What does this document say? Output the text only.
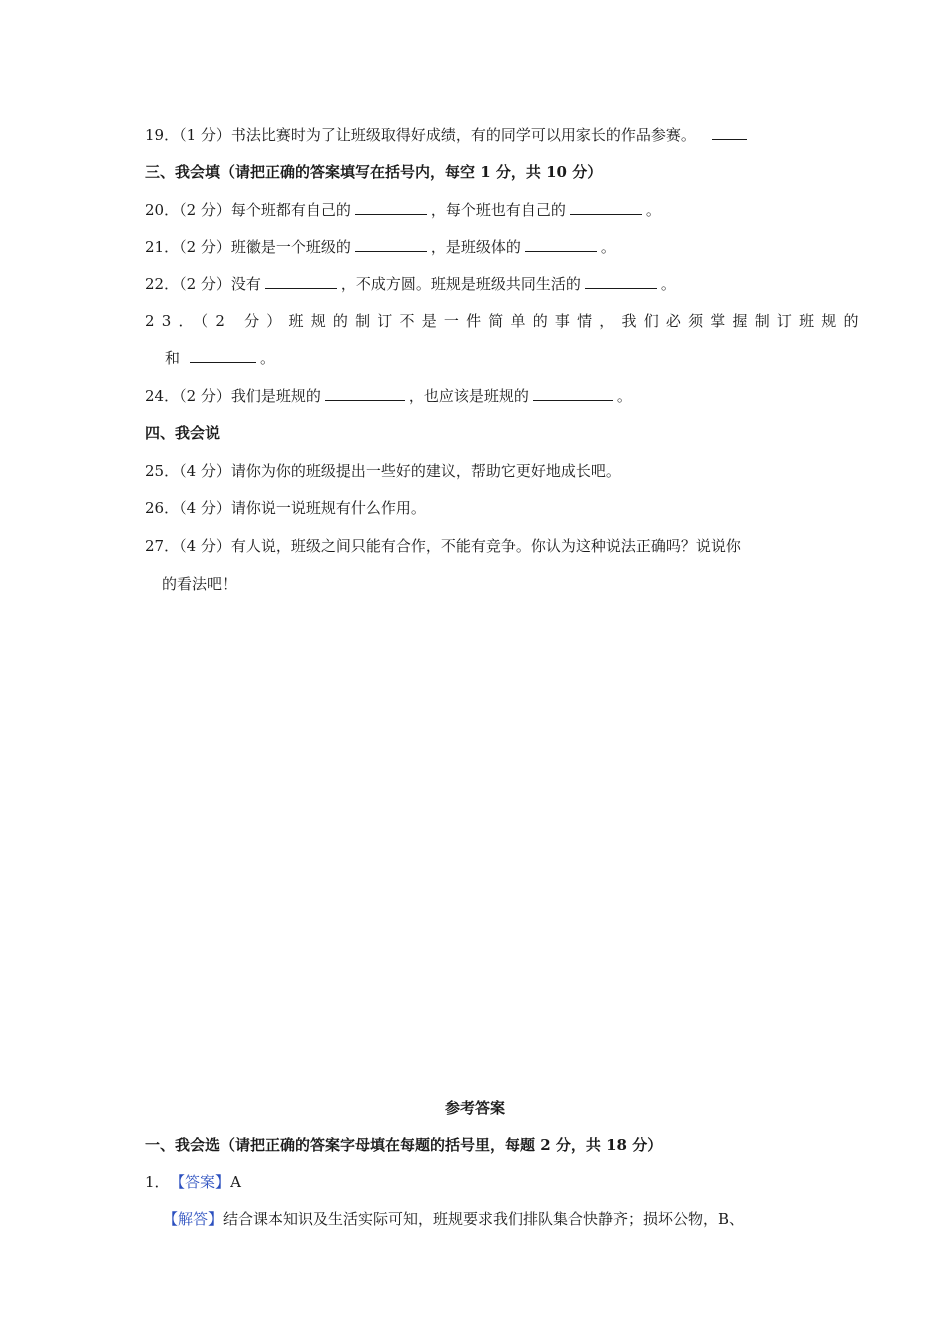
19．（1 分）书法比赛时为了让班级取得好成绩，有的同学可以用家长的作品参赛。
三、我会填（请把正确的答案填写在括号内，每空 1 分，共 10 分）
20．（2 分）每个班都有自己的	，每个班也有自己的	。
21．（2 分）班徽是一个班级的	，是班级体的	。
22．（2 分）没有	，不成方圆。班规是班级共同生活的	。
23．（2 分）班规的制订不是一件简单的事情，我们必须掌握制订班规的
和	。
24．（2 分）我们是班规的	，也应该是班规的	。
四、我会说
25．（4 分）请你为你的班级提出一些好的建议，帮助它更好地成长吧。
26．（4 分）请你说一说班规有什么作用。
27．（4 分）有人说，班级之间只能有合作，不能有竞争。你认为这种说法正确吗？说说你
的看法吧！
参考答案
一、我会选（请把正确的答案字母填在每题的括号里，每题 2 分，共 18 分）
1． 【答案】A
【解答】结合课本知识及生活实际可知，班规要求我们排队集合快静齐；损坏公物，B、
